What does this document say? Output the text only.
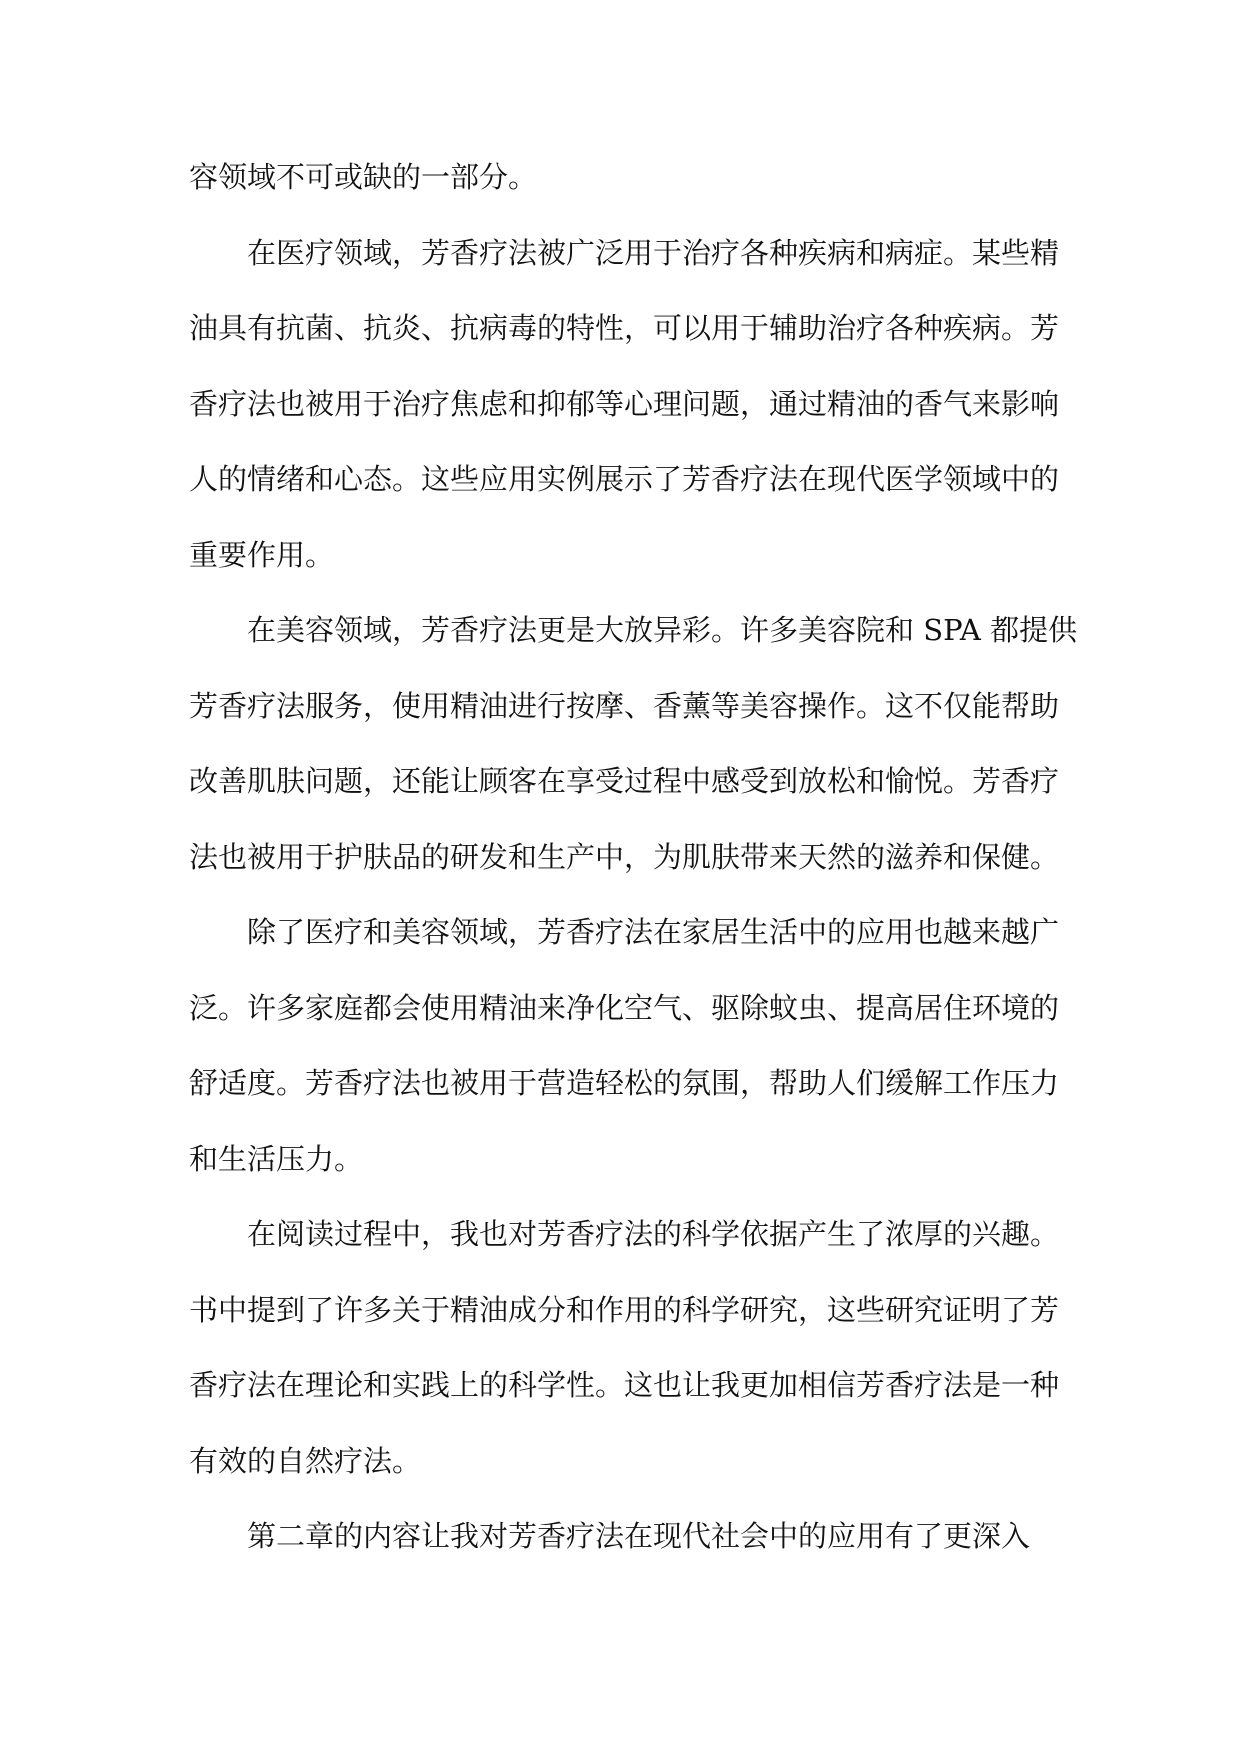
容领域不可或缺的一部分。
在医疗领域，芳香疗法被广泛用于治疗各种疾病和病症。某些精
油具有抗菌、抗炎、抗病毒的特性，可以用于辅助治疗各种疾病。芳
香疗法也被用于治疗焦虑和抑郁等心理问题，通过精油的香气来影响
人的情绪和心态。这些应用实例展示了芳香疗法在现代医学领域中的
重要作用。
在美容领域，芳香疗法更是大放异彩。许多美容院和 SPA 都提供
芳香疗法服务，使用精油进行按摩、香薰等美容操作。这不仅能帮助
改善肌肤问题，还能让顾客在享受过程中感受到放松和愉悦。芳香疗
法也被用于护肤品的研发和生产中，为肌肤带来天然的滋养和保健。
除了医疗和美容领域，芳香疗法在家居生活中的应用也越来越广
泛。许多家庭都会使用精油来净化空气、驱除蚊虫、提高居住环境的
舒适度。芳香疗法也被用于营造轻松的氛围，帮助人们缓解工作压力
和生活压力。
在阅读过程中，我也对芳香疗法的科学依据产生了浓厚的兴趣。
书中提到了许多关于精油成分和作用的科学研究，这些研究证明了芳
香疗法在理论和实践上的科学性。这也让我更加相信芳香疗法是一种
有效的自然疗法。
第二章的内容让我对芳香疗法在现代社会中的应用有了更深入
